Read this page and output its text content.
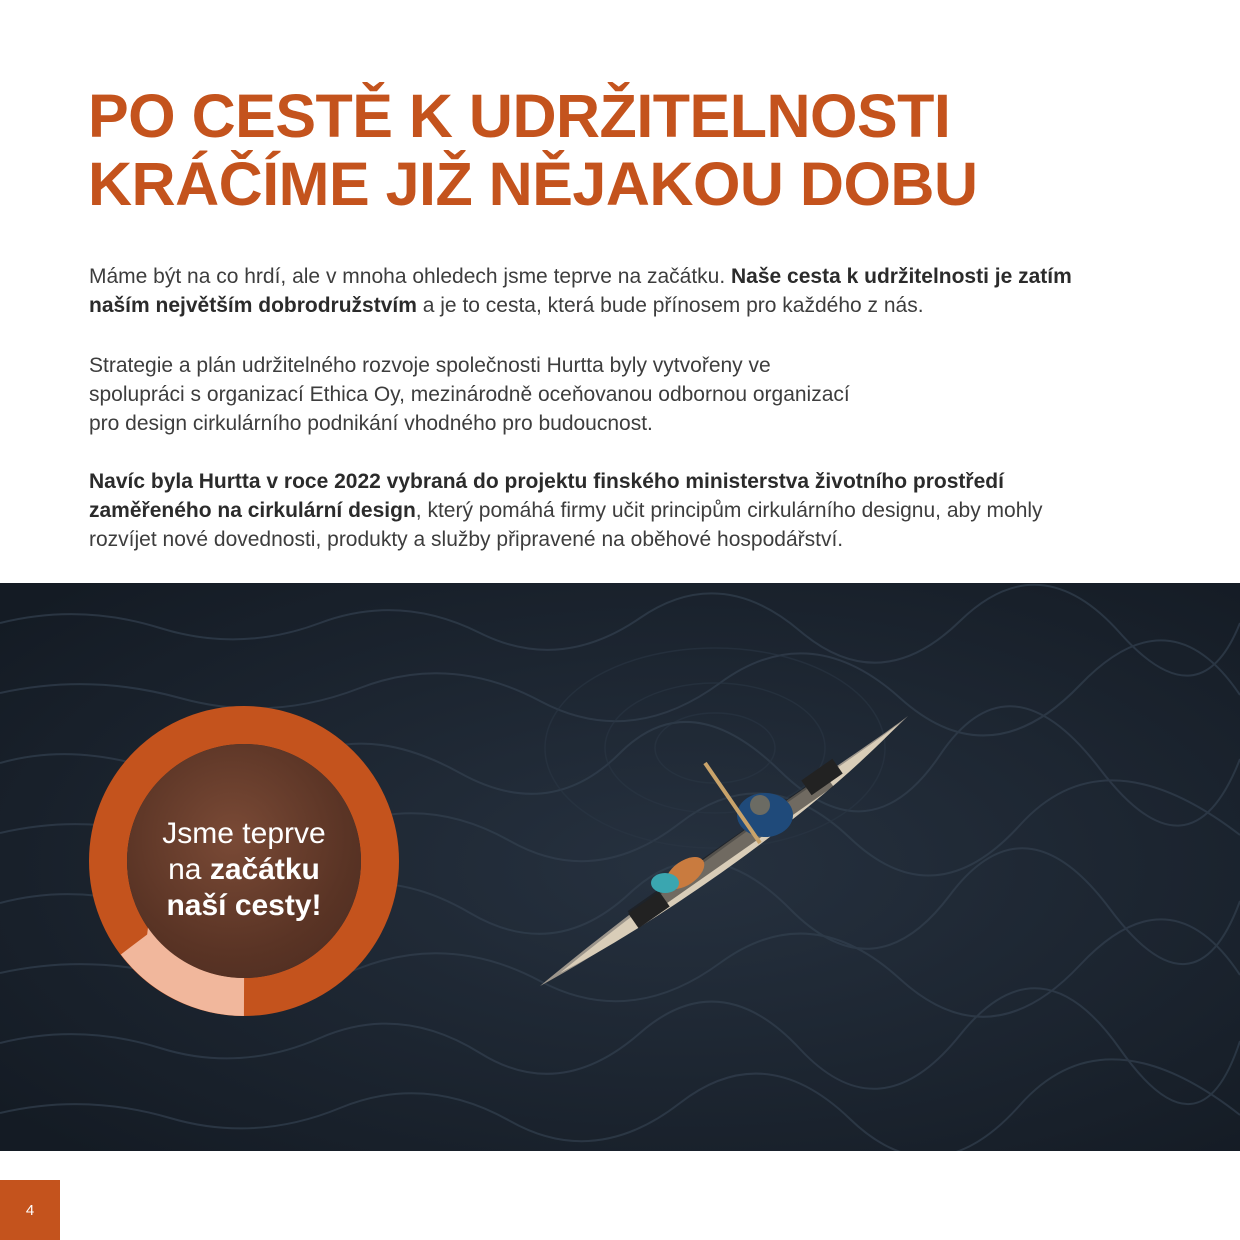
PO CESTĚ K UDRŽITELNOSTI
KRÁČÍME JIŽ NĚJAKOU DOBU

Máme být na co hrdí, ale v mnoha ohledech jsme teprve na začátku. Naše cesta k udržitelnosti je zatím naším největším dobrodružstvím a je to cesta, která bude přínosem pro každého z nás.

Strategie a plán udržitelného rozvoje společnosti Hurtta byly vytvořeny ve
spolupráci s organizací Ethica Oy, mezinárodně oceňovanou odbornou organizací
pro design cirkulárního podnikání vhodného pro budoucnost.

Navíc byla Hurtta v roce 2022 vybraná do projektu finského ministerstva životního prostředí zaměřeného na cirkulární design, který pomáhá firmy učit principům cirkulárního designu, aby mohly rozvíjet nové dovednosti, produkty a služby připravené na oběhové hospodářství.

Jsme teprve
na začátku
naší cesty!
4
